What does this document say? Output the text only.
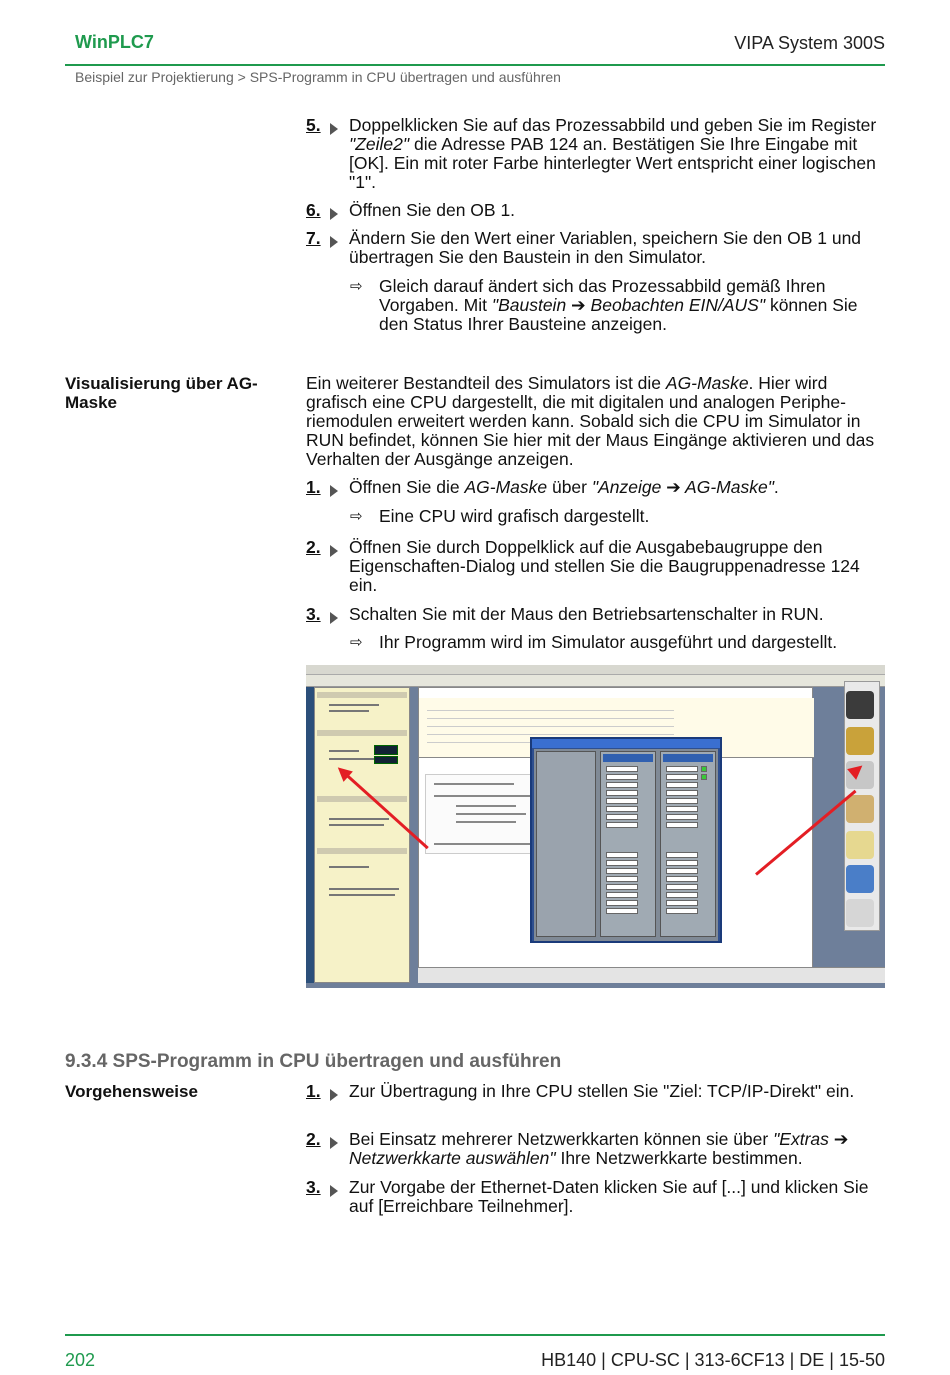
WinPLC7	VIPA System 300S
Beispiel zur Projektierung > SPS-Programm in CPU übertragen und ausführen
5. Doppelklicken Sie auf das Prozessabbild und geben Sie im Register "Zeile2" die Adresse PAB 124 an. Bestätigen Sie Ihre Eingabe mit [OK]. Ein mit roter Farbe hinterlegter Wert entspricht einer logischen "1".
6. Öffnen Sie den OB 1.
7. Ändern Sie den Wert einer Variablen, speichern Sie den OB 1 und übertragen Sie den Baustein in den Simulator.
⇨ Gleich darauf ändert sich das Prozessabbild gemäß Ihren Vorgaben. Mit "Baustein ➔ Beobachten EIN/AUS" können Sie den Status Ihrer Bausteine anzeigen.
Visualisierung über AG-Maske
Ein weiterer Bestandteil des Simulators ist die AG-Maske. Hier wird grafisch eine CPU dargestellt, die mit digitalen und analogen Peripheriemodulen erweitert werden kann. Sobald sich die CPU im Simulator in RUN befindet, können Sie hier mit der Maus Eingänge aktivieren und das Verhalten der Ausgänge anzeigen.
1. Öffnen Sie die AG-Maske über "Anzeige ➔ AG-Maske".
⇨ Eine CPU wird grafisch dargestellt.
2. Öffnen Sie durch Doppelklick auf die Ausgabebaugruppe den Eigenschaften-Dialog und stellen Sie die Baugruppenadresse 124 ein.
3. Schalten Sie mit der Maus den Betriebsartenschalter in RUN.
⇨ Ihr Programm wird im Simulator ausgeführt und dargestellt.
9.3.4 SPS-Programm in CPU übertragen und ausführen
Vorgehensweise	1. Zur Übertragung in Ihre CPU stellen Sie "Ziel: TCP/IP-Direkt" ein.
2. Bei Einsatz mehrerer Netzwerkkarten können sie über "Extras ➔ Netzwerkkarte auswählen" Ihre Netzwerkkarte bestimmen.
3. Zur Vorgabe der Ethernet-Daten klicken Sie auf [...] und klicken Sie auf [Erreichbare Teilnehmer].
202	HB140 | CPU-SC | 313-6CF13 | DE | 15-50
